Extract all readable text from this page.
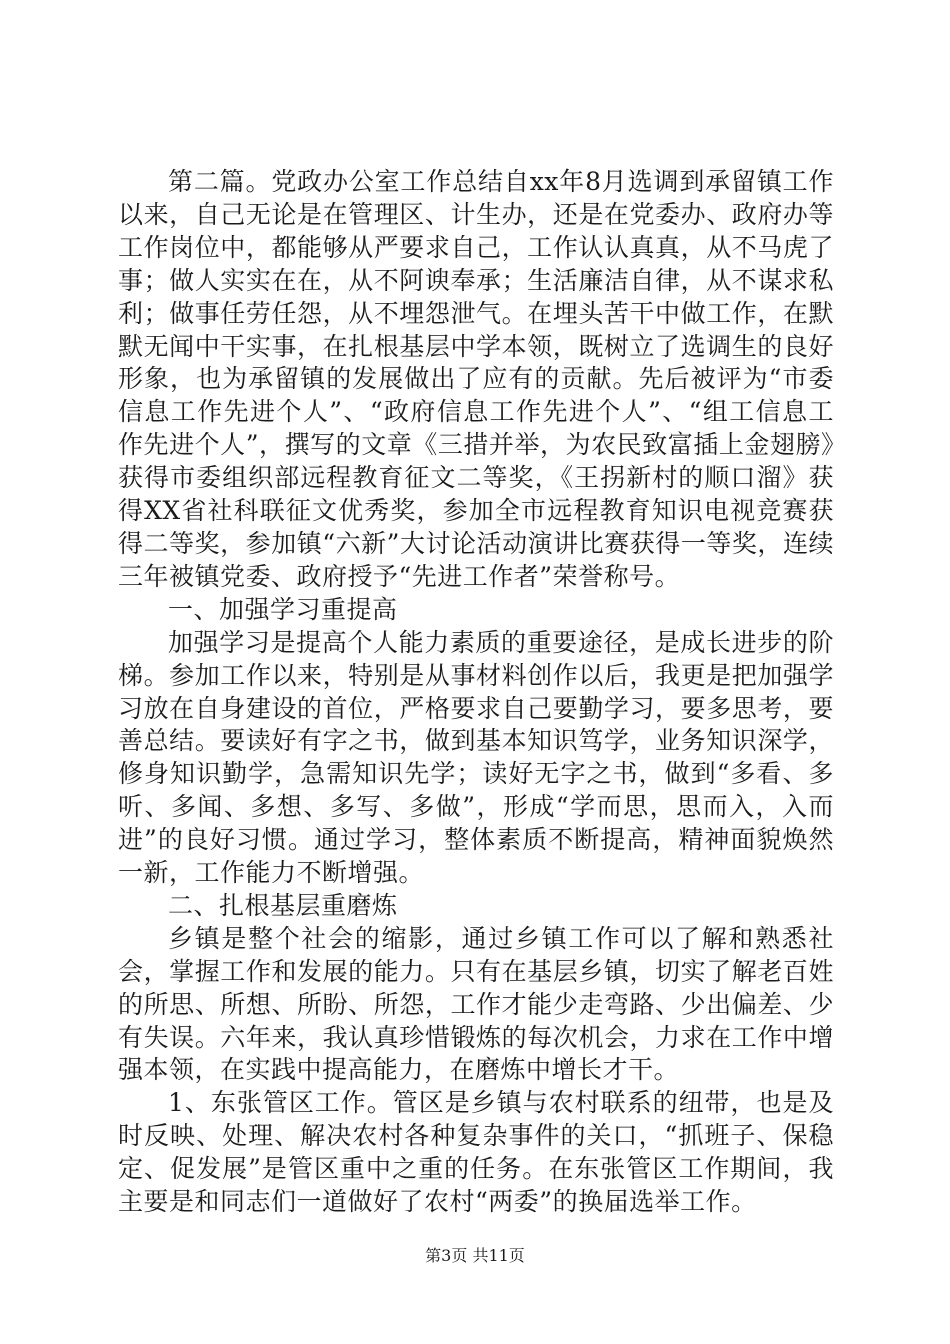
第二篇。党政办公室工作总结自xx年8月选调到承留镇工作以来，自己无论是在管理区、计生办，还是在党委办、政府办等工作岗位中，都能够从严要求自己，工作认认真真，从不马虎了事；做人实实在在，从不阿谀奉承；生活廉洁自律，从不谋求私利；做事任劳任怨，从不埋怨泄气。在埋头苦干中做工作，在默默无闻中干实事，在扎根基层中学本领，既树立了选调生的良好形象，也为承留镇的发展做出了应有的贡献。先后被评为“市委信息工作先进个人”、“政府信息工作先进个人”、“组工信息工作先进个人”，撰写的文章《三措并举，为农民致富插上金翅膀》获得市委组织部远程教育征文二等奖，《王拐新村的顺口溜》获得XX省社科联征文优秀奖，参加全市远程教育知识电视竞赛获得二等奖，参加镇“六新”大讨论活动演讲比赛获得一等奖，连续三年被镇党委、政府授予“先进工作者”荣誉称号。

一、加强学习重提高

加强学习是提高个人能力素质的重要途径，是成长进步的阶梯。参加工作以来，特别是从事材料创作以后，我更是把加强学习放在自身建设的首位，严格要求自己要勤学习，要多思考，要善总结。要读好有字之书，做到基本知识笃学，业务知识深学，修身知识勤学，急需知识先学；读好无字之书，做到“多看、多听、多闻、多想、多写、多做”，形成“学而思，思而入，入而进”的良好习惯。通过学习，整体素质不断提高，精神面貌焕然一新，工作能力不断增强。

二、扎根基层重磨炼

乡镇是整个社会的缩影，通过乡镇工作可以了解和熟悉社会，掌握工作和发展的能力。只有在基层乡镇，切实了解老百姓的所思、所想、所盼、所怨，工作才能少走弯路、少出偏差、少有失误。六年来，我认真珍惜锻炼的每次机会，力求在工作中增强本领，在实践中提高能力，在磨炼中增长才干。

1、东张管区工作。管区是乡镇与农村联系的纽带，也是及时反映、处理、解决农村各种复杂事件的关口，“抓班子、保稳定、促发展”是管区重中之重的任务。在东张管区工作期间，我主要是和同志们一道做好了农村“两委”的换届选举工作。

第3页 共11页
